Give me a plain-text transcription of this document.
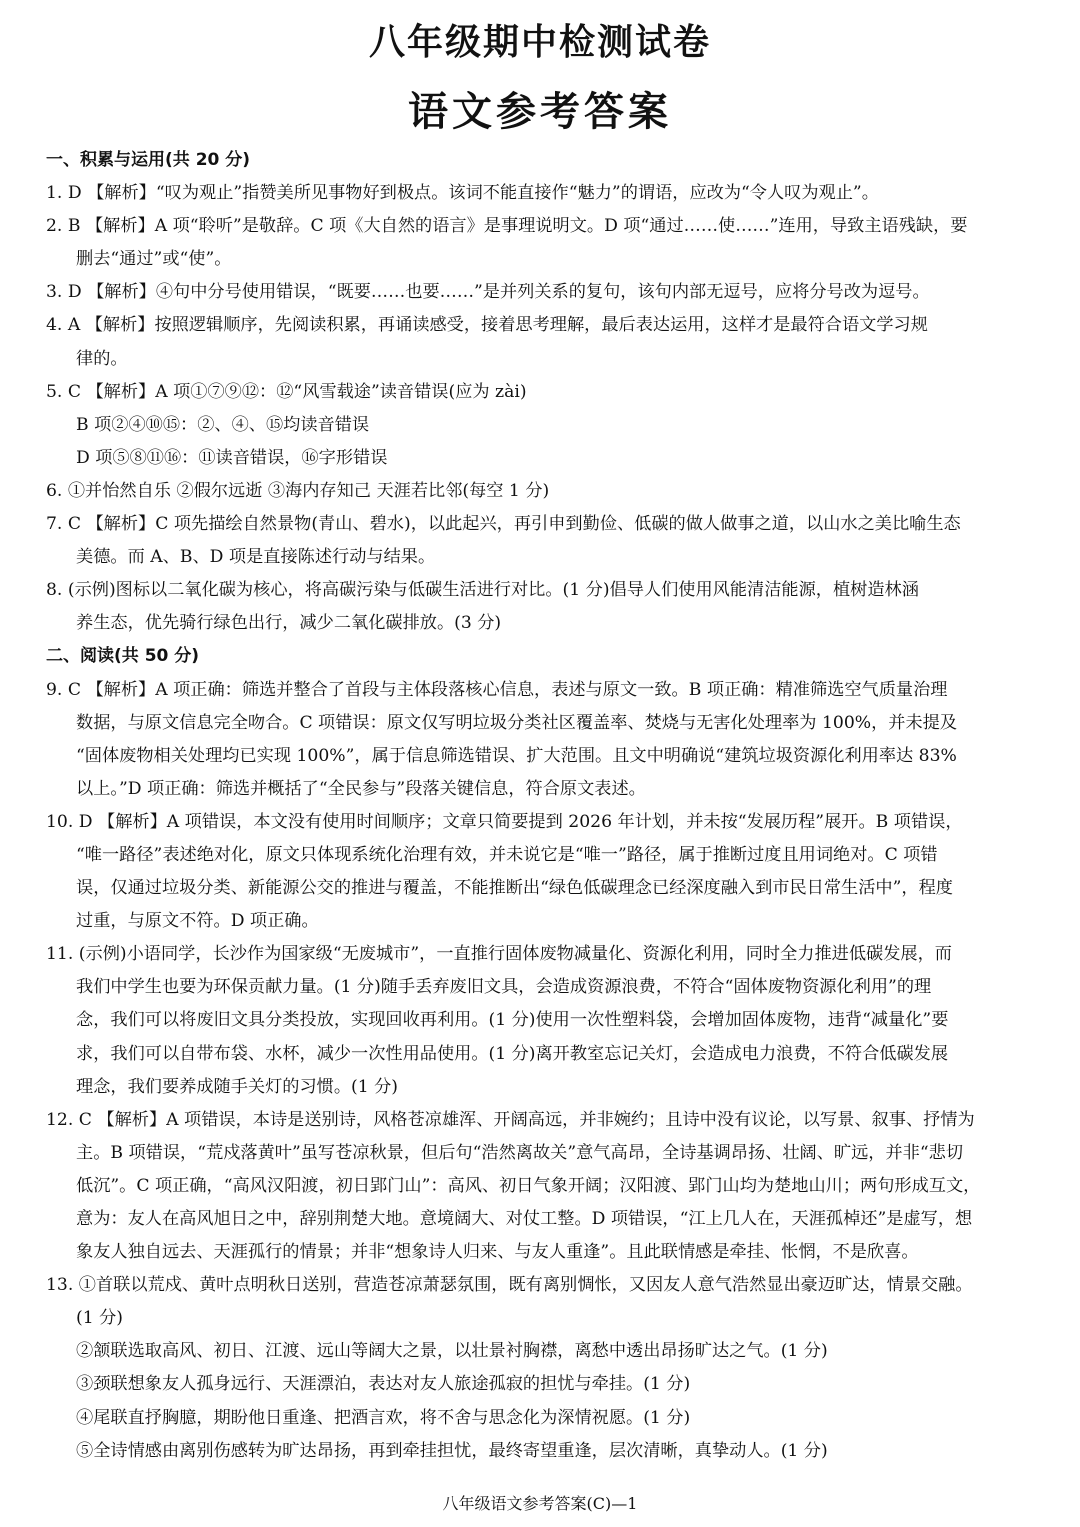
八年级期中检测试卷
语文参考答案
一、积累与运用(共 20 分)
1. D 【解析】“叹为观止”指赞美所见事物好到极点。该词不能直接作“魅力”的谓语，应改为“令人叹为观止”。
2. B 【解析】A 项“聆听”是敬辞。C 项《大自然的语言》是事理说明文。D 项“通过……使……”连用，导致主语残缺，要
删去“通过”或“使”。
3. D 【解析】④句中分号使用错误，“既要……也要……”是并列关系的复句，该句内部无逗号，应将分号改为逗号。
4. A 【解析】按照逻辑顺序，先阅读积累，再诵读感受，接着思考理解，最后表达运用，这样才是最符合语文学习规
律的。
5. C 【解析】A 项①⑦⑨⑫：⑫“风雪载途”读音错误(应为 zài)
B 项②④⑩⑮：②、④、⑮均读音错误
D 项⑤⑧⑪⑯：⑪读音错误，⑯字形错误
6. ①并怡然自乐 ②假尔远逝 ③海内存知己 天涯若比邻(每空 1 分)
7. C 【解析】C 项先描绘自然景物(青山、碧水)，以此起兴，再引申到勤俭、低碳的做人做事之道，以山水之美比喻生态
美德。而 A、B、D 项是直接陈述行动与结果。
8. (示例)图标以二氧化碳为核心，将高碳污染与低碳生活进行对比。(1 分)倡导人们使用风能清洁能源，植树造林涵
养生态，优先骑行绿色出行，减少二氧化碳排放。(3 分)
二、阅读(共 50 分)
9. C 【解析】A 项正确：筛选并整合了首段与主体段落核心信息，表述与原文一致。B 项正确：精准筛选空气质量治理
数据，与原文信息完全吻合。C 项错误：原文仅写明垃圾分类社区覆盖率、焚烧与无害化处理率为 100%，并未提及
“固体废物相关处理均已实现 100%”，属于信息筛选错误、扩大范围。且文中明确说“建筑垃圾资源化利用率达 83%
以上。”D 项正确：筛选并概括了“全民参与”段落关键信息，符合原文表述。
10. D 【解析】A 项错误，本文没有使用时间顺序；文章只简要提到 2026 年计划，并未按“发展历程”展开。B 项错误，
“唯一路径”表述绝对化，原文只体现系统化治理有效，并未说它是“唯一”路径，属于推断过度且用词绝对。C 项错
误，仅通过垃圾分类、新能源公交的推进与覆盖，不能推断出“绿色低碳理念已经深度融入到市民日常生活中”，程度
过重，与原文不符。D 项正确。
11. (示例)小语同学，长沙作为国家级“无废城市”，一直推行固体废物减量化、资源化利用，同时全力推进低碳发展，而
我们中学生也要为环保贡献力量。(1 分)随手丢弃废旧文具，会造成资源浪费，不符合“固体废物资源化利用”的理
念，我们可以将废旧文具分类投放，实现回收再利用。(1 分)使用一次性塑料袋，会增加固体废物，违背“减量化”要
求，我们可以自带布袋、水杯，减少一次性用品使用。(1 分)离开教室忘记关灯，会造成电力浪费，不符合低碳发展
理念，我们要养成随手关灯的习惯。(1 分)
12. C 【解析】A 项错误，本诗是送别诗，风格苍凉雄浑、开阔高远，并非婉约；且诗中没有议论，以写景、叙事、抒情为
主。B 项错误，“荒戍落黄叶”虽写苍凉秋景，但后句“浩然离故关”意气高昂，全诗基调昂扬、壮阔、旷远，并非“悲切
低沉”。C 项正确，“高风汉阳渡，初日郢门山”：高风、初日气象开阔；汉阳渡、郢门山均为楚地山川；两句形成互文，
意为：友人在高风旭日之中，辞别荆楚大地。意境阔大、对仗工整。D 项错误，“江上几人在，天涯孤棹还”是虚写，想
象友人独自远去、天涯孤行的情景；并非“想象诗人归来、与友人重逢”。且此联情感是牵挂、怅惘，不是欣喜。
13. ①首联以荒戍、黄叶点明秋日送别，营造苍凉萧瑟氛围，既有离别惆怅，又因友人意气浩然显出豪迈旷达，情景交融。
(1 分)
②颔联选取高风、初日、江渡、远山等阔大之景，以壮景衬胸襟，离愁中透出昂扬旷达之气。(1 分)
③颈联想象友人孤身远行、天涯漂泊，表达对友人旅途孤寂的担忧与牵挂。(1 分)
④尾联直抒胸臆，期盼他日重逢、把酒言欢，将不舍与思念化为深情祝愿。(1 分)
⑤全诗情感由离别伤感转为旷达昂扬，再到牵挂担忧，最终寄望重逢，层次清晰，真挚动人。(1 分)
八年级语文参考答案(C)—1
